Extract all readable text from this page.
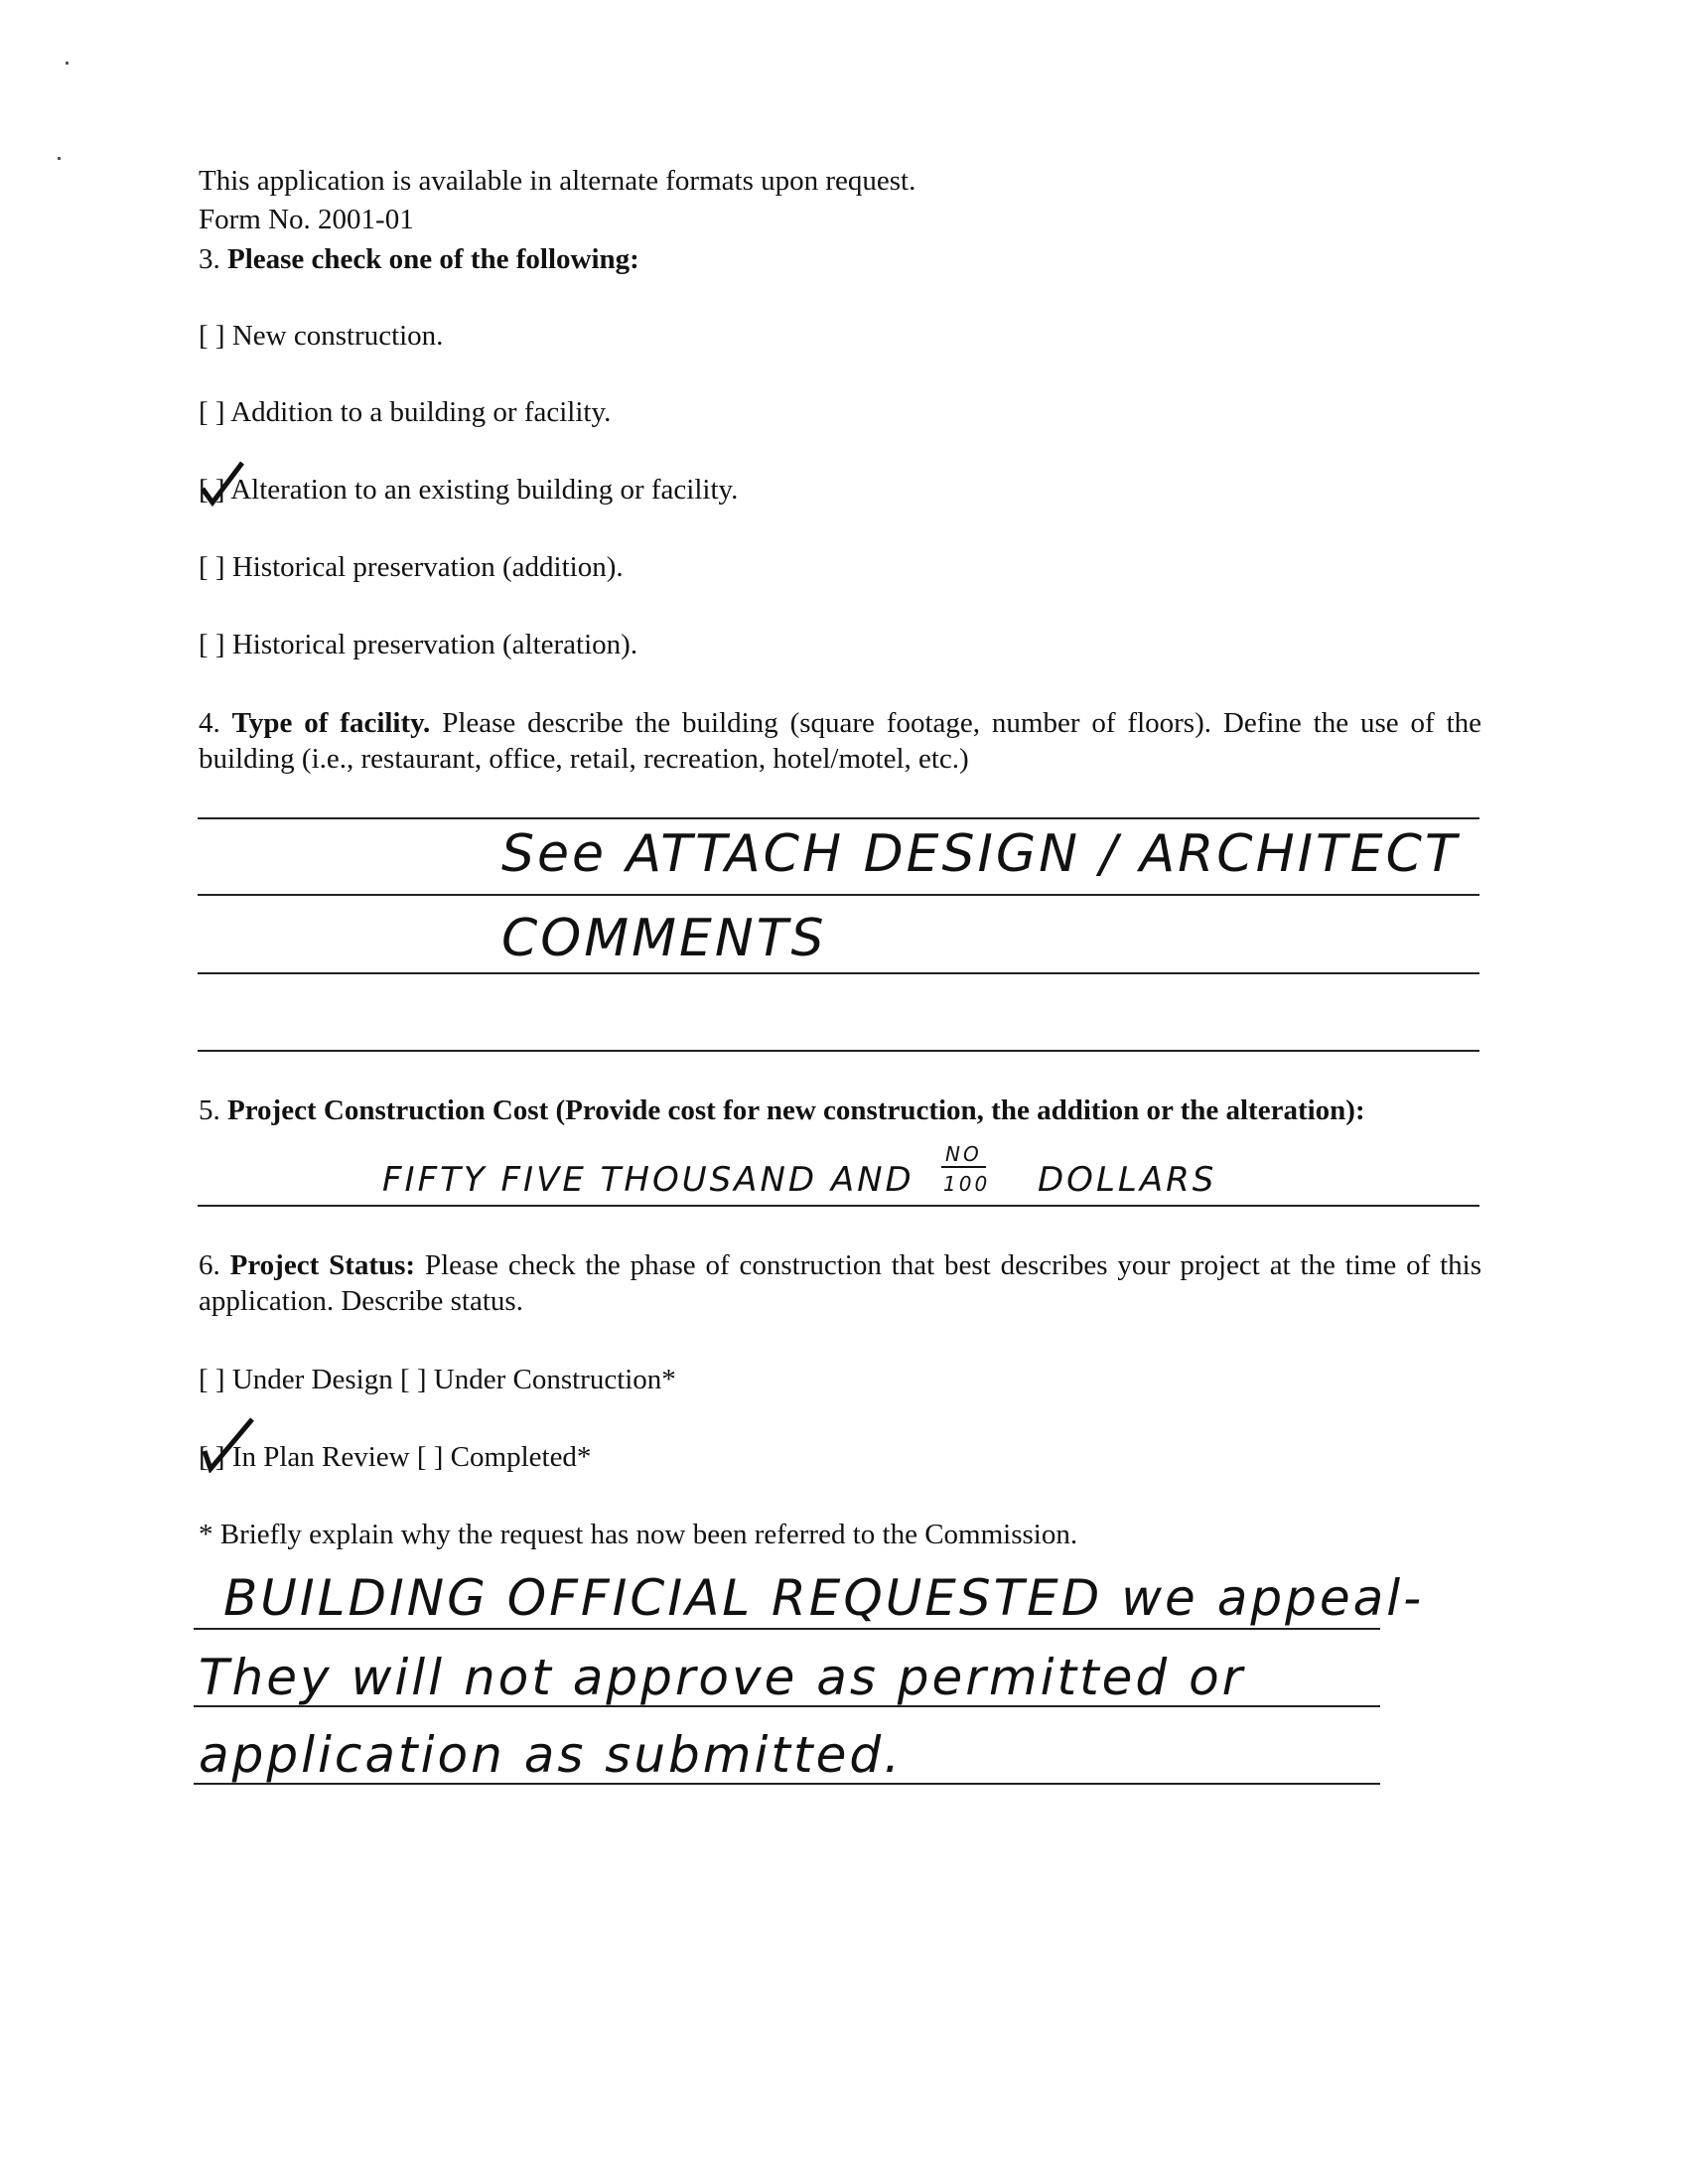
This application is available in alternate formats upon request.
Form No. 2001-01
3. Please check one of the following:
[ ] New construction.
[ ] Addition to a building or facility.
[ ] Alteration to an existing building or facility.
[ ] Historical preservation (addition).
[ ] Historical preservation (alteration).
4. Type of facility. Please describe the building (square footage, number of floors). Define the use of the building (i.e., restaurant, office, retail, recreation, hotel/motel, etc.)
See ATTACH DESIGN / ARCHITECT
COMMENTS
5. Project Construction Cost (Provide cost for new construction, the addition or the alteration):
FIFTY FIVE THOUSAND AND
NO
100 DOLLARS
6. Project Status: Please check the phase of construction that best describes your project at the time of this application. Describe status.
[ ] Under Design [ ] Under Construction*
[ ] In Plan Review [ ] Completed*
* Briefly explain why the request has now been referred to the Commission.
BUILDING OFFICIAL REQUESTED we appeal-
They will not approve as permitted or
application as submitted.
